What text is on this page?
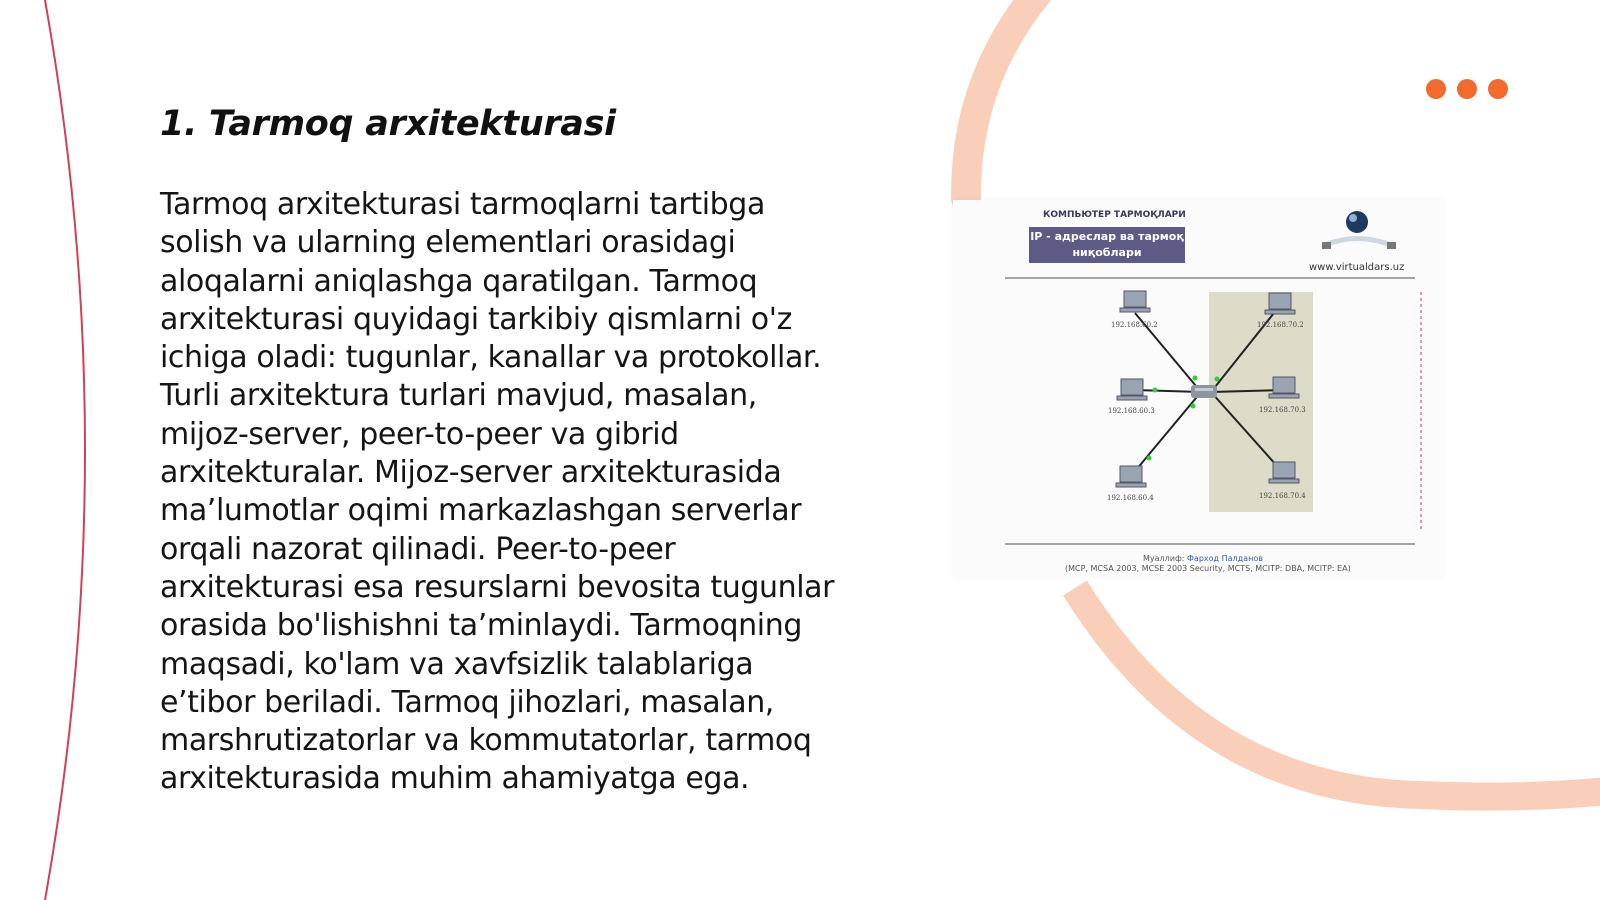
1. Tarmoq arxitekturasi

Tarmoq arxitekturasi tarmoqlarni tartibga solish va ularning elementlari orasidagi aloqalarni aniqlashga qaratilgan. Tarmoq arxitekturasi quyidagi tarkibiy qismlarni o'z ichiga oladi: tugunlar, kanallar va protokollar. Turli arxitektura turlari mavjud, masalan, mijoz-server, peer-to-peer va gibrid arxitekturalar. Mijoz-server arxitekturasida ma’lumotlar oqimi markazlashgan serverlar orqali nazorat qilinadi. Peer-to-peer arxitekturasi esa resurslarni bevosita tugunlar orasida bo'lishishni ta’minlaydi. Tarmoqning maqsadi, ko'lam va xavfsizlik talablariga e’tibor beriladi. Tarmoq jihozlari, masalan, marshrutizatorlar va kommutatorlar, tarmoq arxitekturasida muhim ahamiyatga ega.

КОМПЬЮТЕР ТАРМОҚЛАРИ
IP - адреслар ва тармоқ ниқоблари
www.virtualdars.uz
192.168.60.2
192.168.60.3
192.168.60.4
192.168.70.2
192.168.70.3
192.168.70.4
Муаллиф: Фарход Палданов
(MCP, MCSA 2003, MCSE 2003 Security, MCTS, MCITP: DBA, MCITP: EA)
